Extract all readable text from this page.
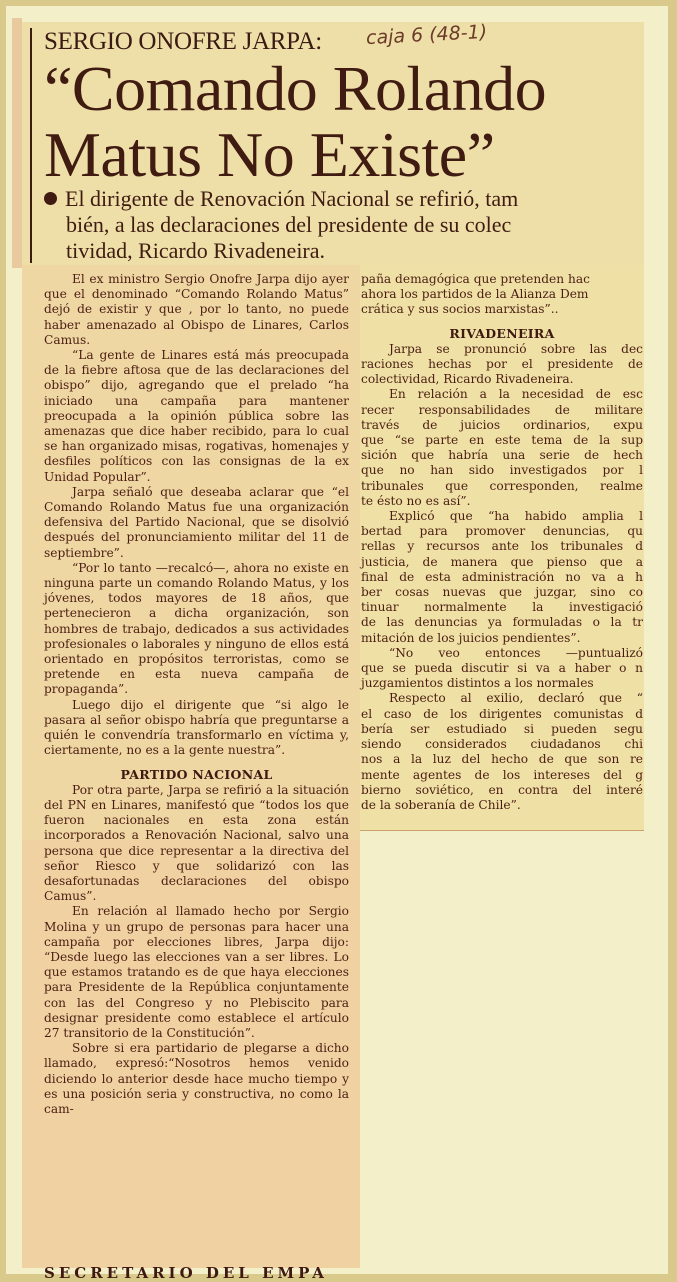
SERGIO ONOFRE JARPA: caja 6 (48-1)
“Comando Rolando
Matus No Existe”
El dirigente de Renovación Nacional se refirió, tam
bién, a las declaraciones del presidente de su colec
tividad, Ricardo Rivadeneira.

El ex ministro Sergio Onofre Jarpa dijo ayer que el denominado “Comando Rolando Matus” dejó de existir y que , por lo tanto, no puede haber amenazado al Obispo de Linares, Carlos Camus.

“La gente de Linares está más preocupada de la fiebre aftosa que de las declaraciones del obispo” dijo, agregando que el prelado “ha iniciado una campaña para mantener preocupada a la opinión pública sobre las amenazas que dice haber recibido, para lo cual se han organizado misas, rogativas, homenajes y desfiles políticos con las consignas de la ex Unidad Popular”.

Jarpa señaló que deseaba aclarar que “el Comando Rolando Matus fue una organización defensiva del Partido Nacional, que se disolvió después del pronunciamiento militar del 11 de septiembre”.

“Por lo tanto —recalcó—, ahora no existe en ninguna parte un comando Rolando Matus, y los jóvenes, todos mayores de 18 años, que pertenecieron a dicha organización, son hombres de trabajo, dedicados a sus actividades profesionales o laborales y ninguno de ellos está orientado en propósitos terroristas, como se pretende en esta nueva campaña de propaganda”.

Luego dijo el dirigente que “si algo le pasara al señor obispo habría que preguntarse a quién le convendría transformarlo en víctima y, ciertamente, no es a la gente nuestra”.

PARTIDO NACIONAL

Por otra parte, Jarpa se refirió a la situación del PN en Linares, manifestó que “todos los que fueron nacionales en esta zona están incorporados a Renovación Nacional, salvo una persona que dice representar a la directiva del señor Riesco y que solidarizó con las desafortunadas declaraciones del obispo Camus”.

En relación al llamado hecho por Sergio Molina y un grupo de personas para hacer una campaña por elecciones libres, Jarpa dijo: “Desde luego las elecciones van a ser libres. Lo que estamos tratando es de que haya elecciones para Presidente de la República conjuntamente con las del Congreso y no Plebiscito para designar presidente como establece el artículo 27 transitorio de la Constitución”.

Sobre si era partidario de plegarse a dicho llamado, expresó:“Nosotros hemos venido diciendo lo anterior desde hace mucho tiempo y es una posición seria y constructiva, no como la cam-

SECRETARIO DEL EMPA
paña demagógica que pretenden hac
ahora los partidos de la Alianza Dem
crática y sus socios marxistas”..
RIVADENEIRA
Jarpa se pronunció sobre las dec
raciones hechas por el presidente de
colectividad, Ricardo Rivadeneira.
En relación a la necesidad de esc
recer responsabilidades de militare
través de juicios ordinarios, expu
que “se parte en este tema de la sup
sición que habría una serie de hech
que no han sido investigados por l
tribunales que corresponden, realme
te ésto no es así”.
Explicó que “ha habido amplia l
bertad para promover denuncias, qu
rellas y recursos ante los tribunales d
justicia, de manera que pienso que a
final de esta administración no va a h
ber cosas nuevas que juzgar, sino co
tinuar normalmente la investigació
de las denuncias ya formuladas o la tr
mitación de los juicios pendientes”.
“No veo entonces —puntualizó
que se pueda discutir si va a haber o n
juzgamientos distintos a los normales
Respecto al exilio, declaró que “
el caso de los dirigentes comunistas d
bería ser estudiado si pueden segu
siendo considerados ciudadanos chi
nos a la luz del hecho de que son re
mente agentes de los intereses del g
bierno soviético, en contra del interé
de la soberanía de Chile”.
